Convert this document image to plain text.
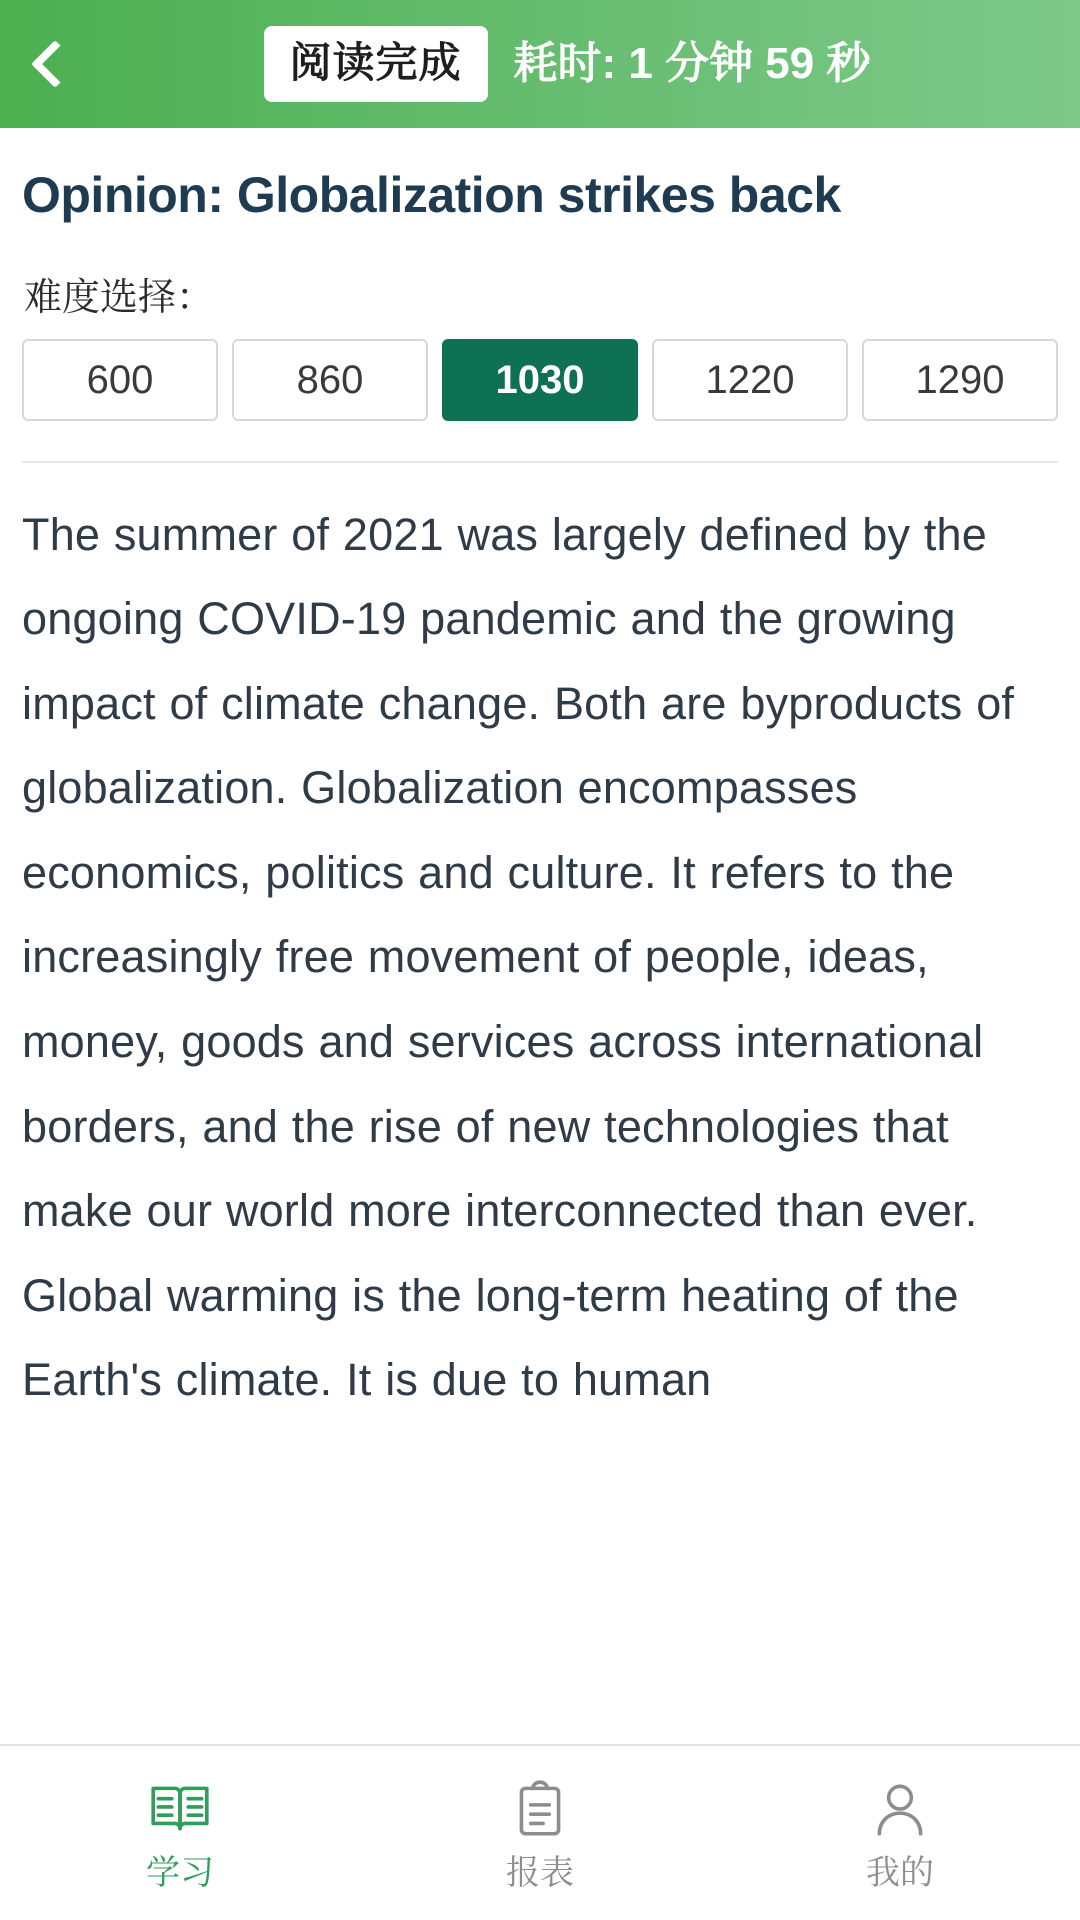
阅读完成	耗时: 1 分钟 59 秒
Opinion: Globalization strikes back
难度选择：
600	860	1030	1220	1290
The summer of 2021 was largely defined by the ongoing COVID-19 pandemic and the growing impact of climate change. Both are byproducts of globalization. Globalization encompasses economics, politics and culture. It refers to the increasingly free movement of people, ideas, money, goods and services across international borders, and the rise of new technologies that make our world more interconnected than ever. Global warming is the long-term heating of the Earth's climate. It is due to human
学习	报表	我的
